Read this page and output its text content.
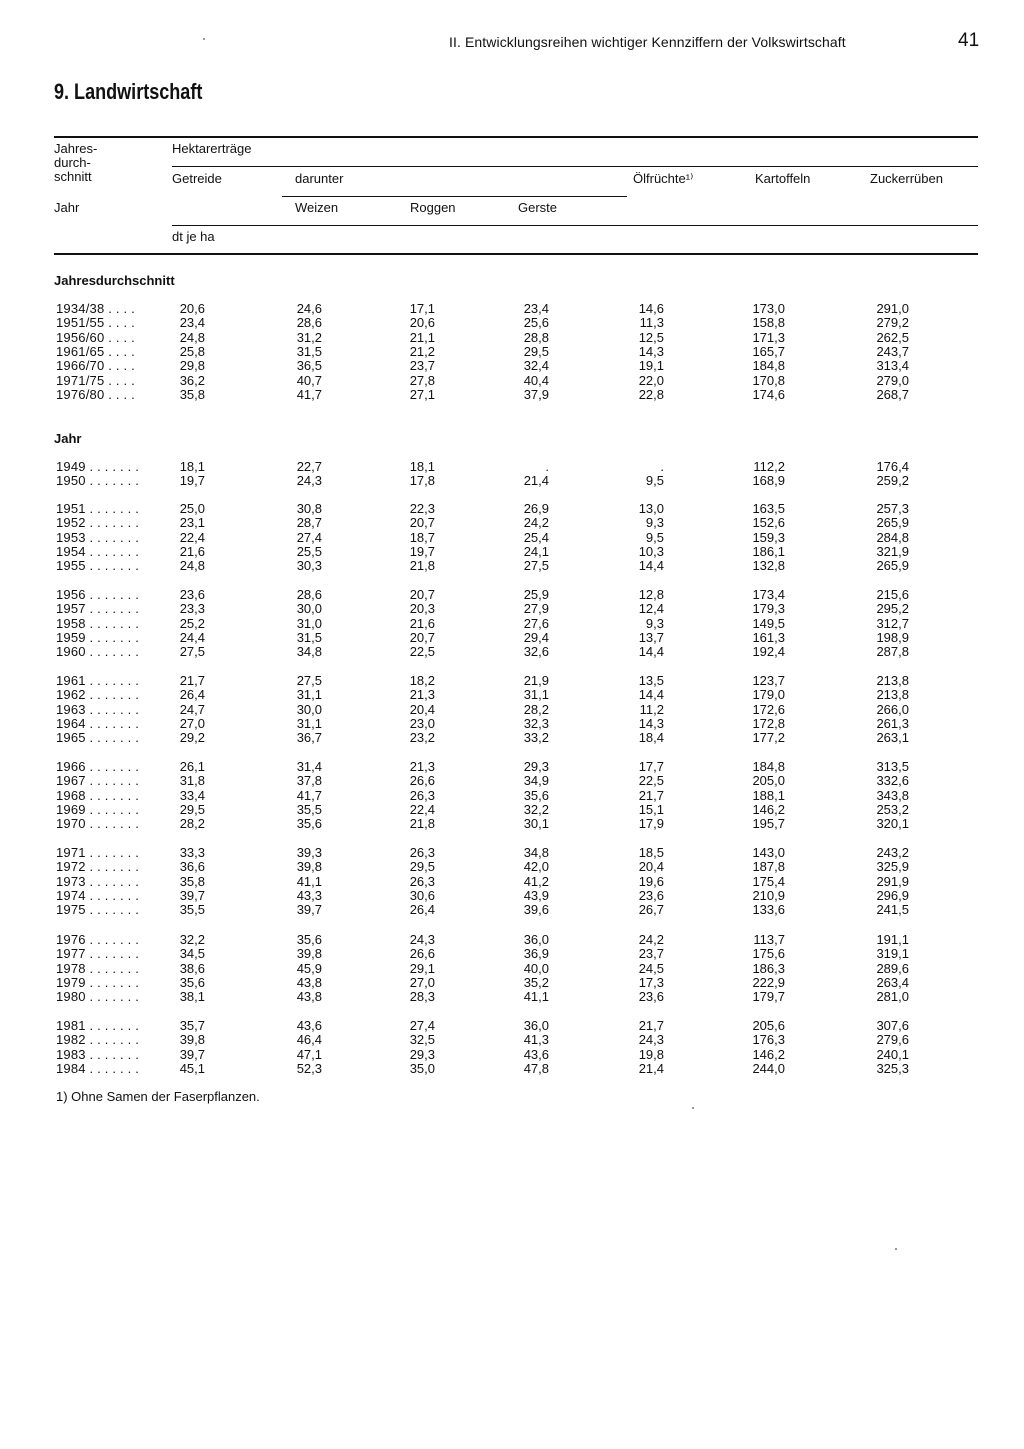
II. Entwicklungsreihen wichtiger Kennziffern der Volkswirtschaft	41
9. Landwirtschaft
Jahres-
durch-
schnitt
Jahr
Hektarerträge
Getreide	darunter
Weizen	Roggen	Gerste
Ölfrüchte¹⁾	Kartoffeln	Zuckerrüben
dt je ha
Jahresdurchschnitt
1934/38 . . . .	20,6	24,6	17,1	23,4	14,6	173,0	291,0
1951/55 . . . .	23,4	28,6	20,6	25,6	11,3	158,8	279,2
1956/60 . . . .	24,8	31,2	21,1	28,8	12,5	171,3	262,5
1961/65 . . . .	25,8	31,5	21,2	29,5	14,3	165,7	243,7
1966/70 . . . .	29,8	36,5	23,7	32,4	19,1	184,8	313,4
1971/75 . . . .	36,2	40,7	27,8	40,4	22,0	170,8	279,0
1976/80 . . . .	35,8	41,7	27,1	37,9	22,8	174,6	268,7
Jahr
1949 . . . . . . .	18,1	22,7	18,1	.	.	112,2	176,4
1950 . . . . . . .	19,7	24,3	17,8	21,4	9,5	168,9	259,2
1951 . . . . . . .	25,0	30,8	22,3	26,9	13,0	163,5	257,3
1952 . . . . . . .	23,1	28,7	20,7	24,2	9,3	152,6	265,9
1953 . . . . . . .	22,4	27,4	18,7	25,4	9,5	159,3	284,8
1954 . . . . . . .	21,6	25,5	19,7	24,1	10,3	186,1	321,9
1955 . . . . . . .	24,8	30,3	21,8	27,5	14,4	132,8	265,9
1956 . . . . . . .	23,6	28,6	20,7	25,9	12,8	173,4	215,6
1957 . . . . . . .	23,3	30,0	20,3	27,9	12,4	179,3	295,2
1958 . . . . . . .	25,2	31,0	21,6	27,6	9,3	149,5	312,7
1959 . . . . . . .	24,4	31,5	20,7	29,4	13,7	161,3	198,9
1960 . . . . . . .	27,5	34,8	22,5	32,6	14,4	192,4	287,8
1961 . . . . . . .	21,7	27,5	18,2	21,9	13,5	123,7	213,8
1962 . . . . . . .	26,4	31,1	21,3	31,1	14,4	179,0	213,8
1963 . . . . . . .	24,7	30,0	20,4	28,2	11,2	172,6	266,0
1964 . . . . . . .	27,0	31,1	23,0	32,3	14,3	172,8	261,3
1965 . . . . . . .	29,2	36,7	23,2	33,2	18,4	177,2	263,1
1966 . . . . . . .	26,1	31,4	21,3	29,3	17,7	184,8	313,5
1967 . . . . . . .	31,8	37,8	26,6	34,9	22,5	205,0	332,6
1968 . . . . . . .	33,4	41,7	26,3	35,6	21,7	188,1	343,8
1969 . . . . . . .	29,5	35,5	22,4	32,2	15,1	146,2	253,2
1970 . . . . . . .	28,2	35,6	21,8	30,1	17,9	195,7	320,1
1971 . . . . . . .	33,3	39,3	26,3	34,8	18,5	143,0	243,2
1972 . . . . . . .	36,6	39,8	29,5	42,0	20,4	187,8	325,9
1973 . . . . . . .	35,8	41,1	26,3	41,2	19,6	175,4	291,9
1974 . . . . . . .	39,7	43,3	30,6	43,9	23,6	210,9	296,9
1975 . . . . . . .	35,5	39,7	26,4	39,6	26,7	133,6	241,5
1976 . . . . . . .	32,2	35,6	24,3	36,0	24,2	113,7	191,1
1977 . . . . . . .	34,5	39,8	26,6	36,9	23,7	175,6	319,1
1978 . . . . . . .	38,6	45,9	29,1	40,0	24,5	186,3	289,6
1979 . . . . . . .	35,6	43,8	27,0	35,2	17,3	222,9	263,4
1980 . . . . . . .	38,1	43,8	28,3	41,1	23,6	179,7	281,0
1981 . . . . . . .	35,7	43,6	27,4	36,0	21,7	205,6	307,6
1982 . . . . . . .	39,8	46,4	32,5	41,3	24,3	176,3	279,6
1983 . . . . . . .	39,7	47,1	29,3	43,6	19,8	146,2	240,1
1984 . . . . . . .	45,1	52,3	35,0	47,8	21,4	244,0	325,3
1) Ohne Samen der Faserpflanzen.
